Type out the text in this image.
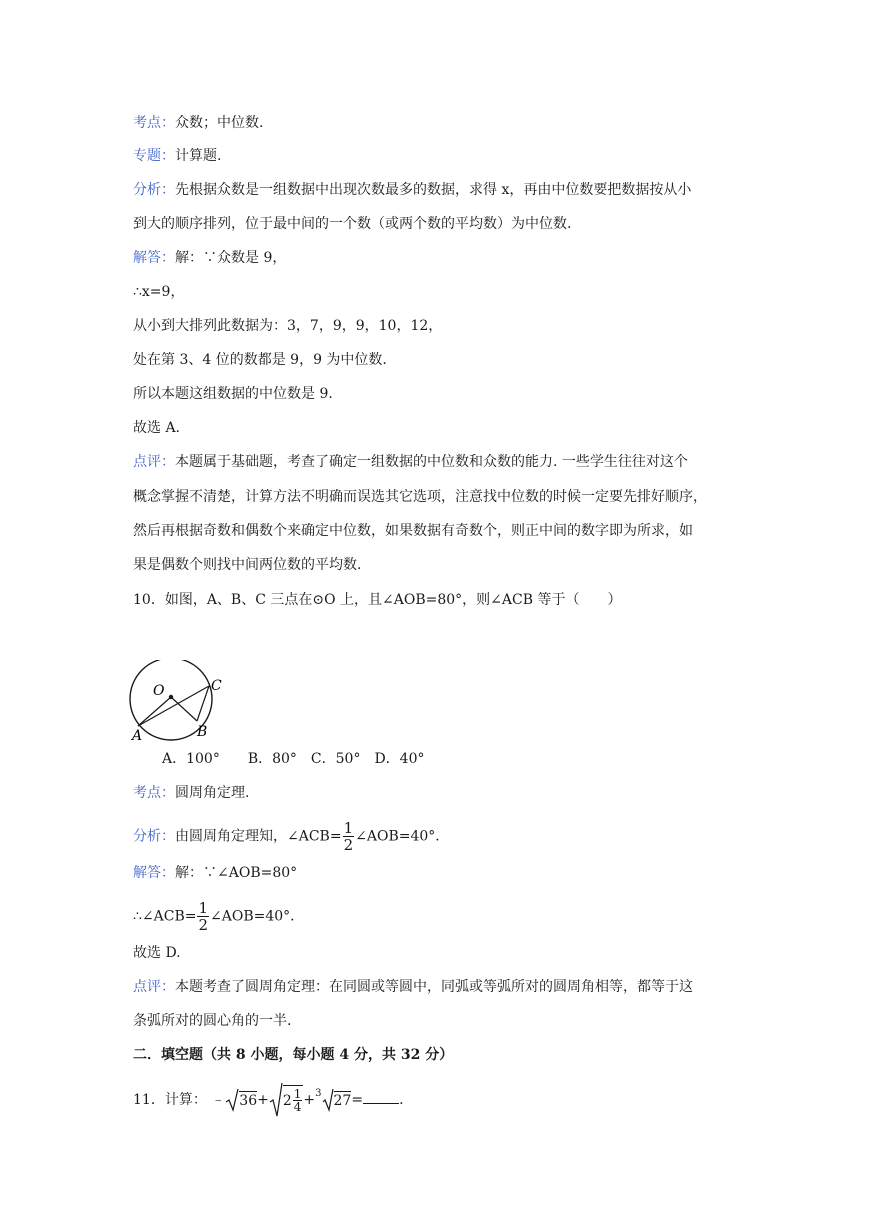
考点：众数；中位数.
专题：计算题.
分析：先根据众数是一组数据中出现次数最多的数据，求得 x，再由中位数要把数据按从小
到大的顺序排列，位于最中间的一个数（或两个数的平均数）为中位数.
解答：解：∵众数是 9，
∴x=9，
从小到大排列此数据为：3，7，9，9，10，12，
处在第 3、4 位的数都是 9，9 为中位数.
所以本题这组数据的中位数是 9.
故选 A.
点评：本题属于基础题，考查了确定一组数据的中位数和众数的能力. 一些学生往往对这个
概念掌握不清楚，计算方法不明确而误选其它选项，注意找中位数的时候一定要先排好顺序，
然后再根据奇数和偶数个来确定中位数，如果数据有奇数个，则正中间的数字即为所求，如
果是偶数个则找中间两位数的平均数.
10．如图，A、B、C 三点在⊙O 上，且∠AOB=80°，则∠ACB 等于（　　）
O
A	B
C
A．100°　　B．80°　C．50°　D．40°
考点：圆周角定理.
分析：由圆周角定理知，∠ACB= $\frac{1}{2}$ ∠AOB=40°．
解答：解：∵∠AOB=80°
∴∠ACB= $\frac{1}{2}$ ∠AOB=40°．
故选 D.
点评：本题考查了圆周角定理：在同圆或等圆中，同弧或等弧所对的圆周角相等，都等于这
条弧所对的圆心角的一半.
二．填空题（共 8 小题，每小题 4 分，共 32 分）
11．计算： ﹣ $36+ 2 \frac{1}{4} +^3$ 27=	.
